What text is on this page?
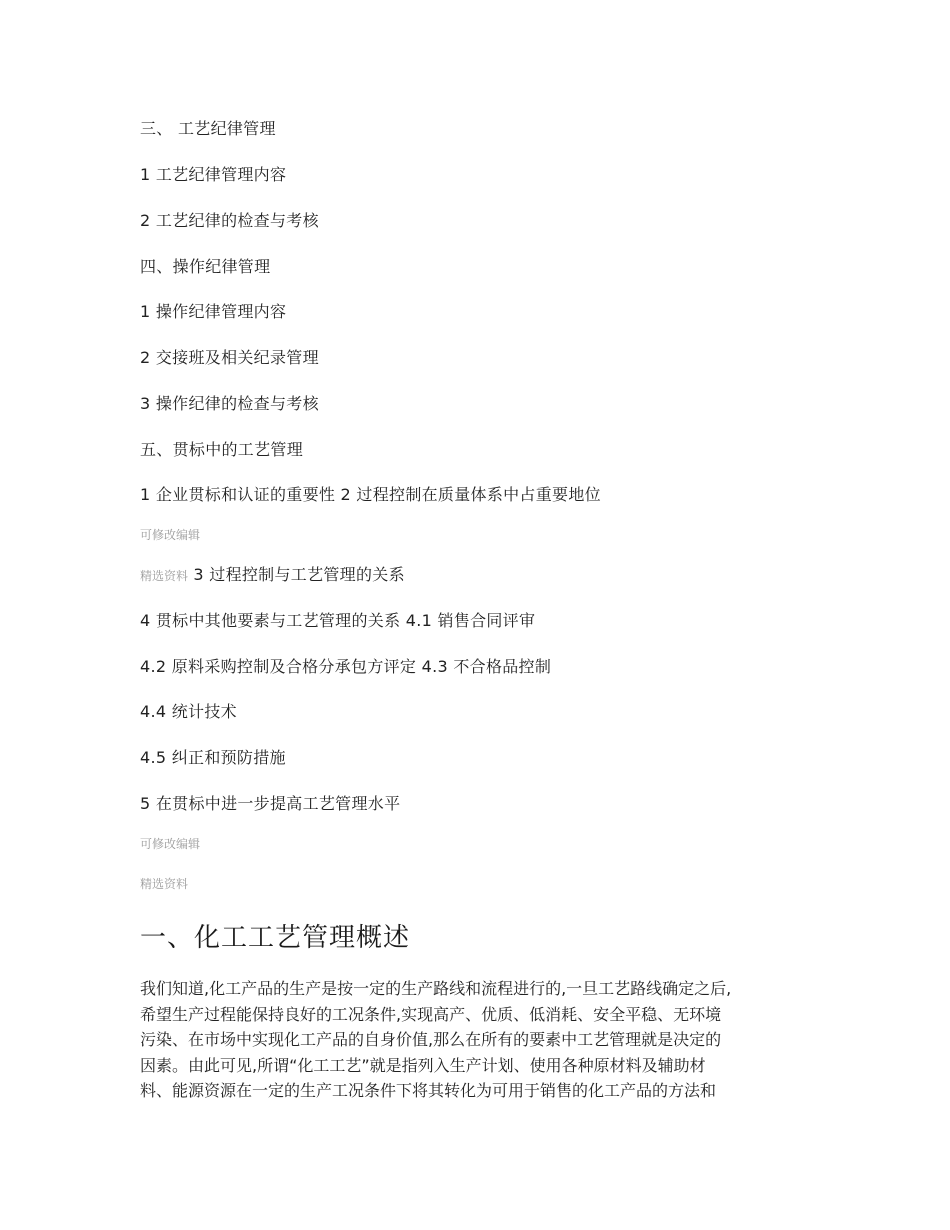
三、 工艺纪律管理
1 工艺纪律管理内容
2 工艺纪律的检查与考核
四、操作纪律管理
1 操作纪律管理内容
2 交接班及相关纪录管理
3 操作纪律的检查与考核
五、贯标中的工艺管理
1 企业贯标和认证的重要性 2 过程控制在质量体系中占重要地位
可修改编辑
精选资料 3 过程控制与工艺管理的关系
4 贯标中其他要素与工艺管理的关系 4.1 销售合同评审
4.2 原料采购控制及合格分承包方评定 4.3 不合格品控制
4.4 统计技术
4.5 纠正和预防措施
5 在贯标中进一步提高工艺管理水平
可修改编辑
精选资料
一、化工工艺管理概述
我们知道,化工产品的生产是按一定的生产路线和流程进行的,一旦工艺路线确定之后,
希望生产过程能保持良好的工况条件,实现高产、优质、低消耗、安全平稳、无环境
污染、在市场中实现化工产品的自身价值,那么在所有的要素中工艺管理就是决定的
因素。由此可见,所谓“化工工艺”就是指列入生产计划、使用各种原材料及辅助材
料、能源资源在一定的生产工况条件下将其转化为可用于销售的化工产品的方法和
